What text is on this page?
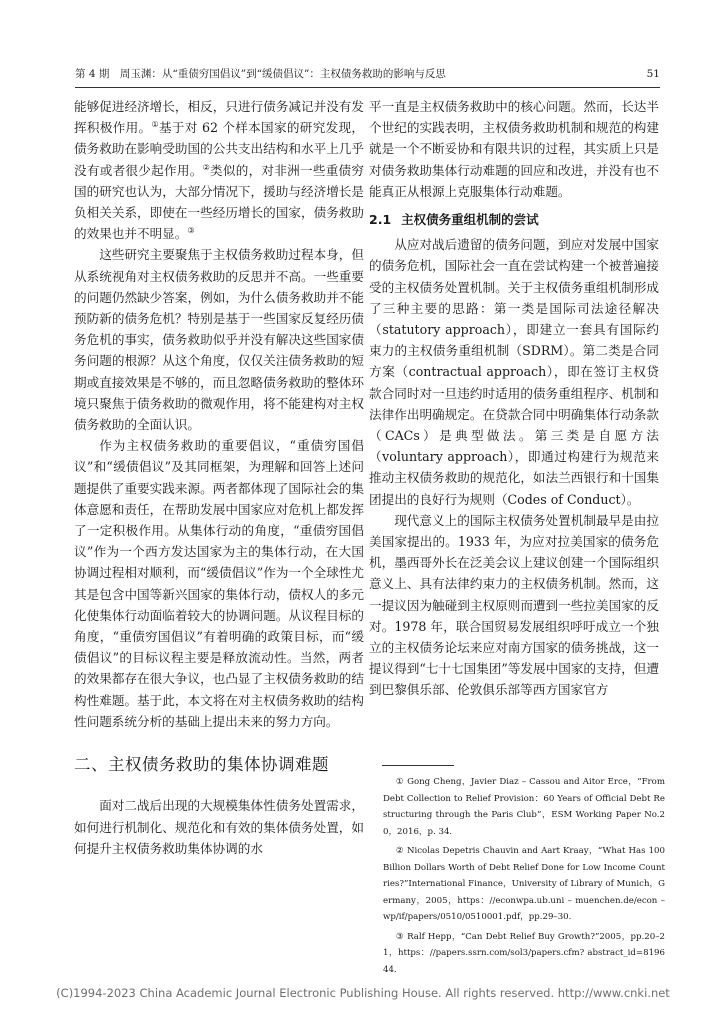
第 4 期　周玉渊：从“重债穷国倡议”到“缓债倡议”：主权债务救助的影响与反思	51

能够促进经济增长，相反，只进行债务减记并没有发挥积极作用。①基于对 62 个样本国家的研究发现，债务救助在影响受助国的公共支出结构和水平上几乎没有或者很少起作用。②类似的，对非洲一些重债穷国的研究也认为，大部分情况下，援助与经济增长是负相关关系，即使在一些经历增长的国家，债务救助的效果也并不明显。③

这些研究主要聚焦于主权债务救助过程本身，但从系统视角对主权债务救助的反思并不高。一些重要的问题仍然缺少答案，例如，为什么债务救助并不能预防新的债务危机？特别是基于一些国家反复经历债务危机的事实，债务救助似乎并没有解决这些国家债务问题的根源？从这个角度，仅仅关注债务救助的短期或直接效果是不够的，而且忽略债务救助的整体环境只聚焦于债务救助的微观作用，将不能建构对主权债务救助的全面认识。

作为主权债务救助的重要倡议，“重债穷国倡议”和“缓债倡议”及其同框架，为理解和回答上述问题提供了重要实践来源。两者都体现了国际社会的集体意愿和责任，在帮助发展中国家应对危机上都发挥了一定积极作用。从集体行动的角度，“重债穷国倡议”作为一个西方发达国家为主的集体行动，在大国协调过程相对顺利，而“缓债倡议”作为一个全球性尤其是包含中国等新兴国家的集体行动，债权人的多元化使集体行动面临着较大的协调问题。从议程目标的角度，“重债穷国倡议”有着明确的政策目标，而“缓债倡议”的目标议程主要是释放流动性。当然，两者的效果都存在很大争议，也凸显了主权债务救助的结构性难题。基于此，本文将在对主权债务救助的结构性问题系统分析的基础上提出未来的努力方向。

二、主权债务救助的集体协调难题

面对二战后出现的大规模集体性债务处置需求，如何进行机制化、规范化和有效的集体债务处置，如何提升主权债务救助集体协调的水

平一直是主权债务救助中的核心问题。然而，长达半个世纪的实践表明，主权债务救助机制和规范的构建就是一个不断妥协和有限共识的过程，其实质上只是对债务救助集体行动难题的回应和改进，并没有也不能真正从根源上克服集体行动难题。

2.1 主权债务重组机制的尝试

从应对战后遗留的债务问题，到应对发展中国家的债务危机，国际社会一直在尝试构建一个被普遍接受的主权债务处置机制。关于主权债务重组机制形成了三种主要的思路：第一类是国际司法途径解决（statutory approach），即建立一套具有国际约束力的主权债务重组机制（SDRM）。第二类是合同方案（contractual approach），即在签订主权贷款合同时对一旦违约时适用的债务重组程序、机制和法律作出明确规定。在贷款合同中明确集体行动条款（CACs）是典型做法。第三类是自愿方法（voluntary approach），即通过构建行为规范来推动主权债务救助的规范化，如法兰西银行和十国集团提出的良好行为规则（Codes of Conduct）。

现代意义上的国际主权债务处置机制最早是由拉美国家提出的。1933 年，为应对拉美国家的债务危机，墨西哥外长在泛美会议上建议创建一个国际组织意义上、具有法律约束力的主权债务机制。然而，这一提议因为触碰到主权原则而遭到一些拉美国家的反对。1978 年，联合国贸易发展组织呼吁成立一个独立的主权债务论坛来应对南方国家的债务挑战，这一提议得到“七十七国集团”等发展中国家的支持，但遭到巴黎俱乐部、伦敦俱乐部等西方国家官方

① Gong Cheng，Javier Diaz – Cassou and Aitor Erce，“From Debt Collection to Relief Provision：60 Years of Official Debt Restructuring through the Paris Club”，ESM Working Paper No.20，2016，p. 34.

② Nicolas Depetris Chauvin and Aart Kraay，“What Has 100 Billion Dollars Worth of Debt Relief Done for Low Income Countries?”International Finance，University of Library of Munich，Germany，2005，https：//econwpa.ub.uni – muenchen.de/econ – wp/if/papers/0510/0510001.pdf，pp.29–30.

③ Ralf Hepp，“Can Debt Relief Buy Growth?”2005，pp.20–21，https：//papers.ssrn.com/sol3/papers.cfm? abstract_id=819644.

(C)1994-2023 China Academic Journal Electronic Publishing House. All rights reserved. http://www.cnki.net
